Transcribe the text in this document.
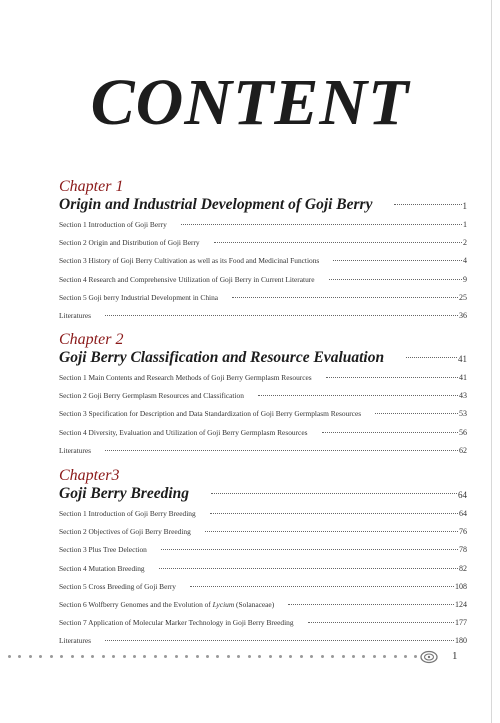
CONTENT
Chapter 1
Origin and Industrial Development of Goji Berry	1
Section 1 Introduction of Goji Berry	1
Section 2 Origin and Distribution of Goji Berry	2
Section 3 History of Goji Berry Cultivation as well as its Food and Medicinal Functions	4
Section 4 Research and Comprehensive Utilization of Goji Berry in Current Literature	9
Section 5 Goji berry Industrial Development in China	25
Literatures	36
Chapter 2
Goji Berry Classification and Resource Evaluation	41
Section 1 Main Contents and Research Methods of Goji Berry Germplasm Resources	41
Section 2 Goji Berry Germplasm Resources and Classification	43
Section 3 Specification for Description and Data Standardization of Goji Berry Germplasm Resources	53
Section 4 Diversity, Evaluation and Utilization of Goji Berry Germplasm Resources	56
Literatures	62
Chapter3
Goji Berry Breeding	64
Section 1 Introduction of Goji Berry Breeding	64
Section 2 Objectives of Goji Berry Breeding	76
Section 3 Plus Tree Delection	78
Section 4 Mutation Breeding	82
Section 5 Cross Breeding of Goji Berry	108
Section 6 Wolfberry Genomes and the Evolution of Lycium (Solanaceae)	124
Section 7 Application of Molecular Marker Technology in Goji Berry Breeding	177
Literatures	180
1
